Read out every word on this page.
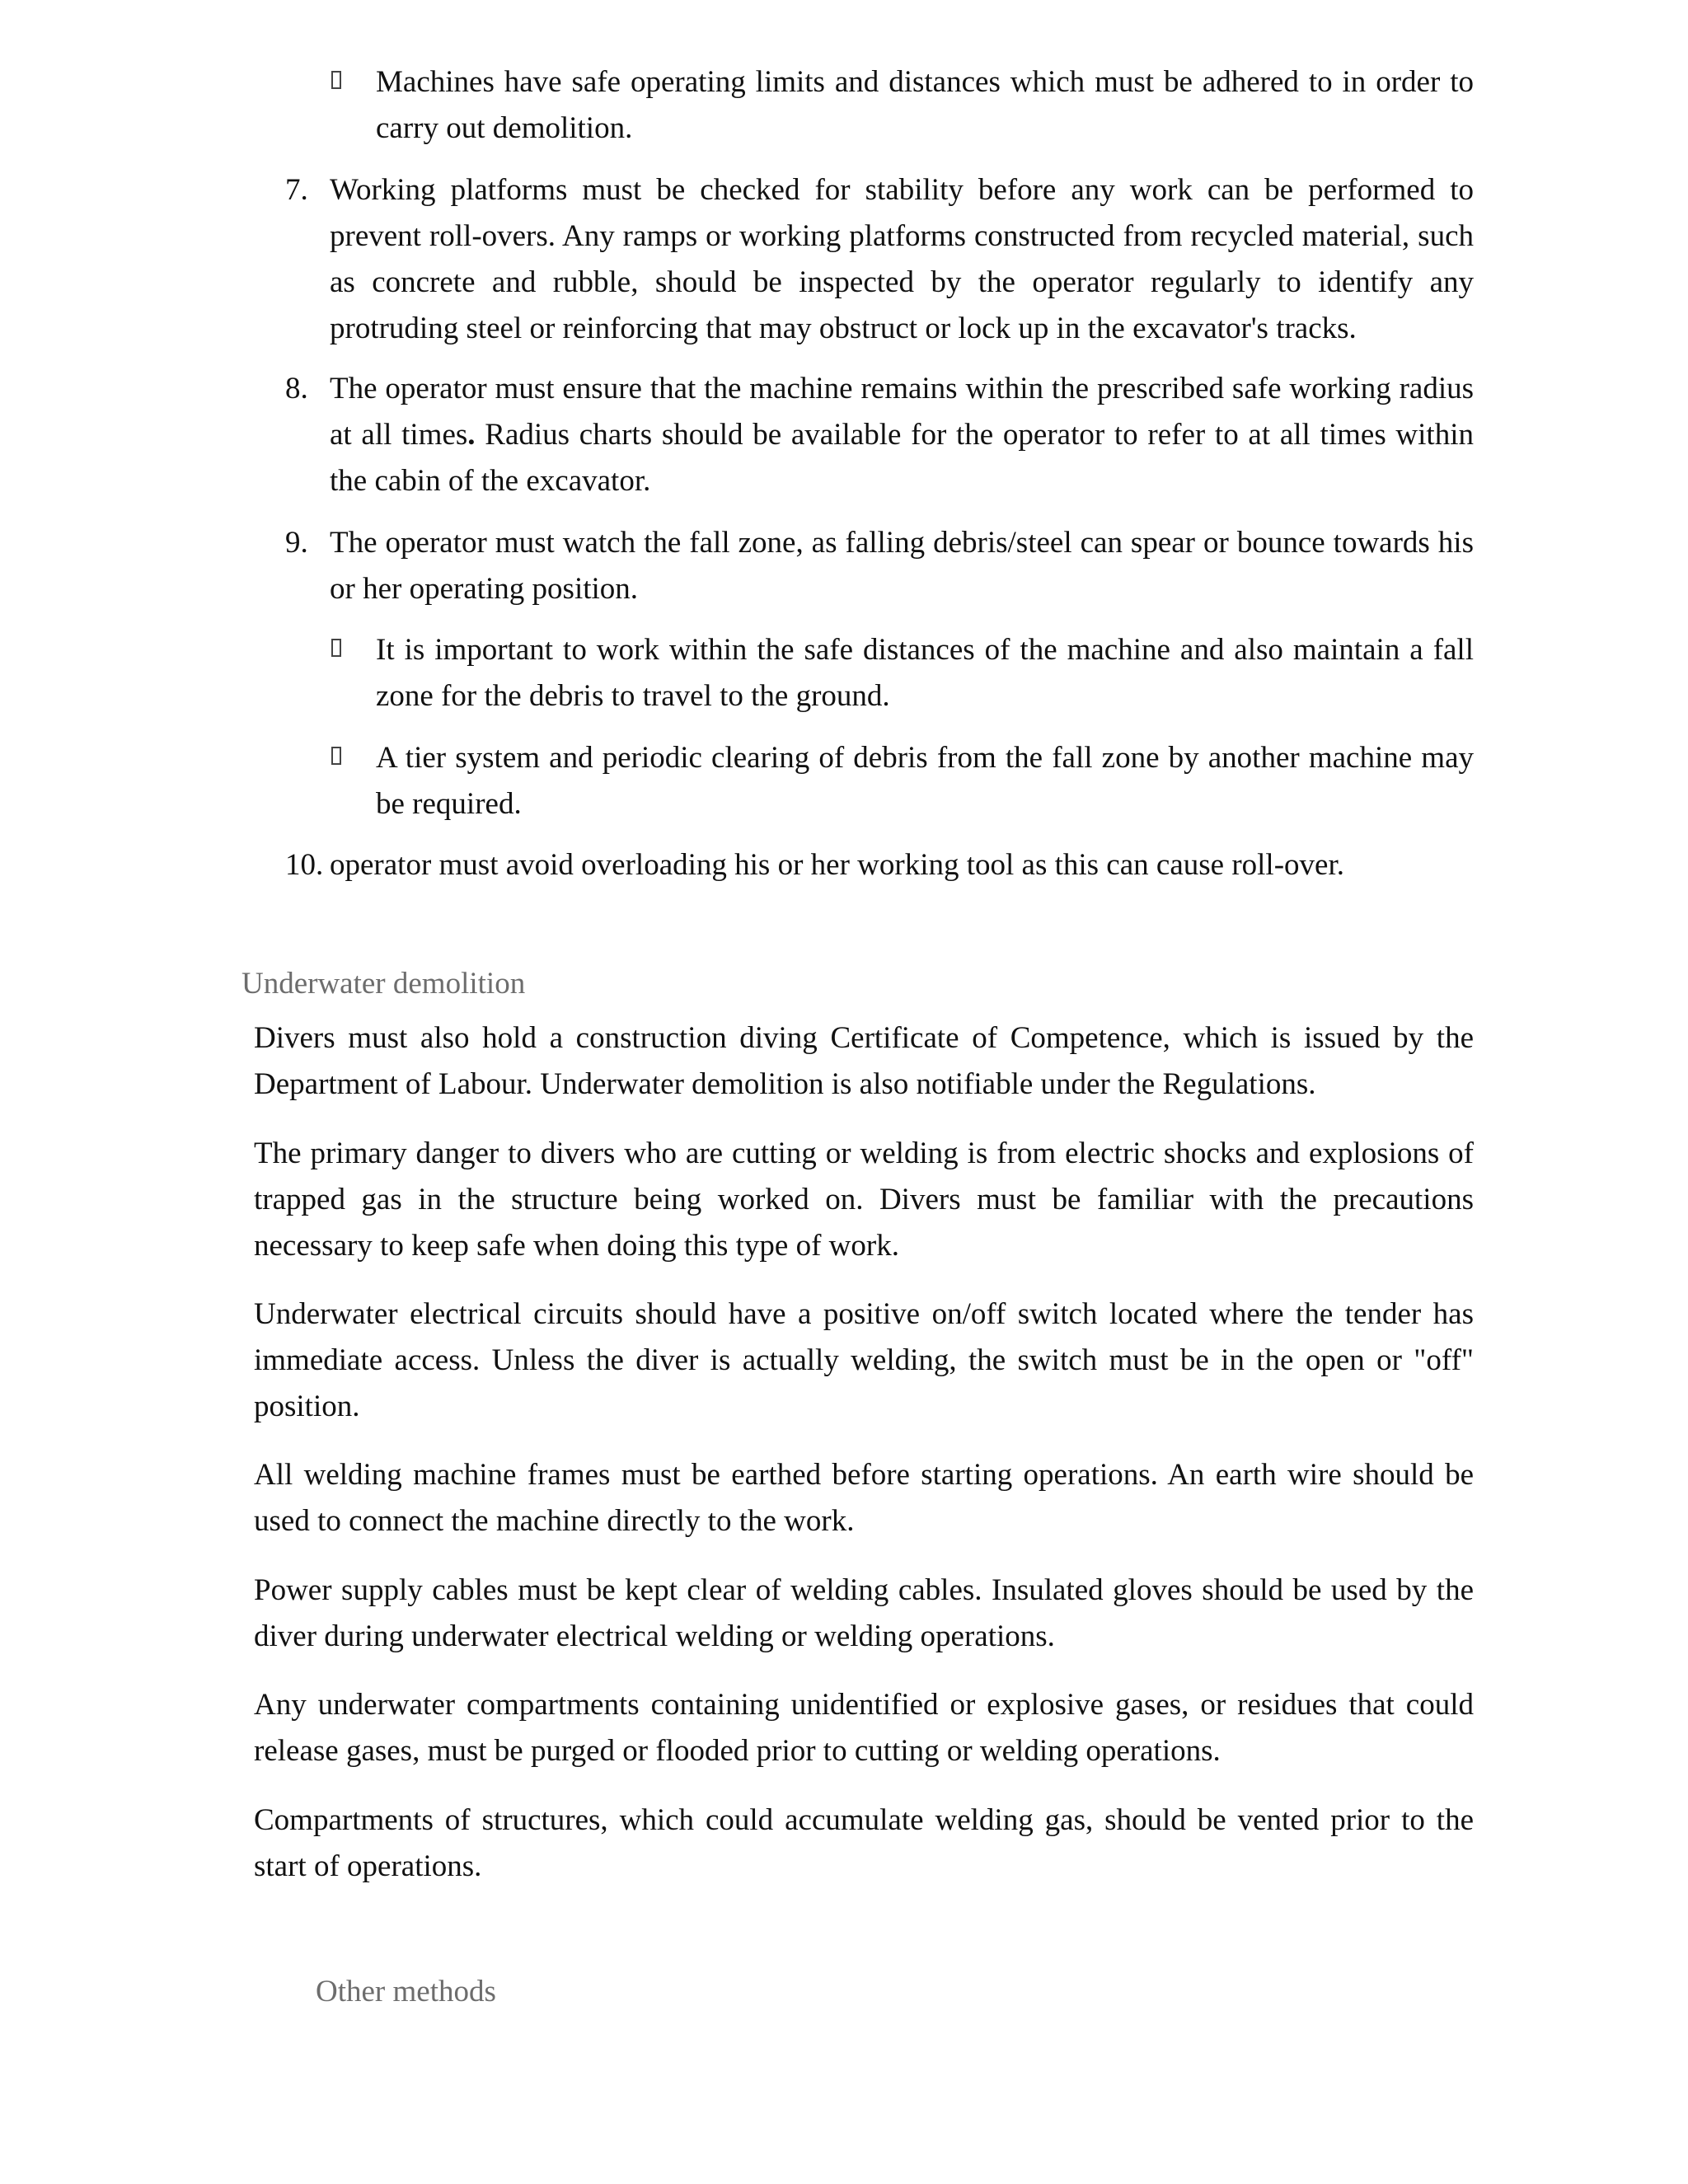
Machines have safe operating limits and distances which must be adhered to in order to carry out demolition.

7. Working platforms must be checked for stability before any work can be performed to prevent roll-overs. Any ramps or working platforms constructed from recycled material, such as concrete and rubble, should be inspected by the operator regularly to identify any protruding steel or reinforcing that may obstruct or lock up in the excavator's tracks.

8. The operator must ensure that the machine remains within the prescribed safe working radius at all times. Radius charts should be available for the operator to refer to at all times within the cabin of the excavator.

9. The operator must watch the fall zone, as falling debris/steel can spear or bounce towards his or her operating position.

It is important to work within the safe distances of the machine and also maintain a fall zone for the debris to travel to the ground.

A tier system and periodic clearing of debris from the fall zone by another machine may be required.

10. operator must avoid overloading his or her working tool as this can cause roll-over.

Underwater demolition

Divers must also hold a construction diving Certificate of Competence, which is issued by the Department of Labour. Underwater demolition is also notifiable under the Regulations.

The primary danger to divers who are cutting or welding is from electric shocks and explosions of trapped gas in the structure being worked on. Divers must be familiar with the precautions necessary to keep safe when doing this type of work.

Underwater electrical circuits should have a positive on/off switch located where the tender has immediate access. Unless the diver is actually welding, the switch must be in the open or "off" position.

All welding machine frames must be earthed before starting operations. An earth wire should be used to connect the machine directly to the work.

Power supply cables must be kept clear of welding cables. Insulated gloves should be used by the diver during underwater electrical welding or welding operations.

Any underwater compartments containing unidentified or explosive gases, or residues that could release gases, must be purged or flooded prior to cutting or welding operations.

Compartments of structures, which could accumulate welding gas, should be vented prior to the start of operations.

Other methods
